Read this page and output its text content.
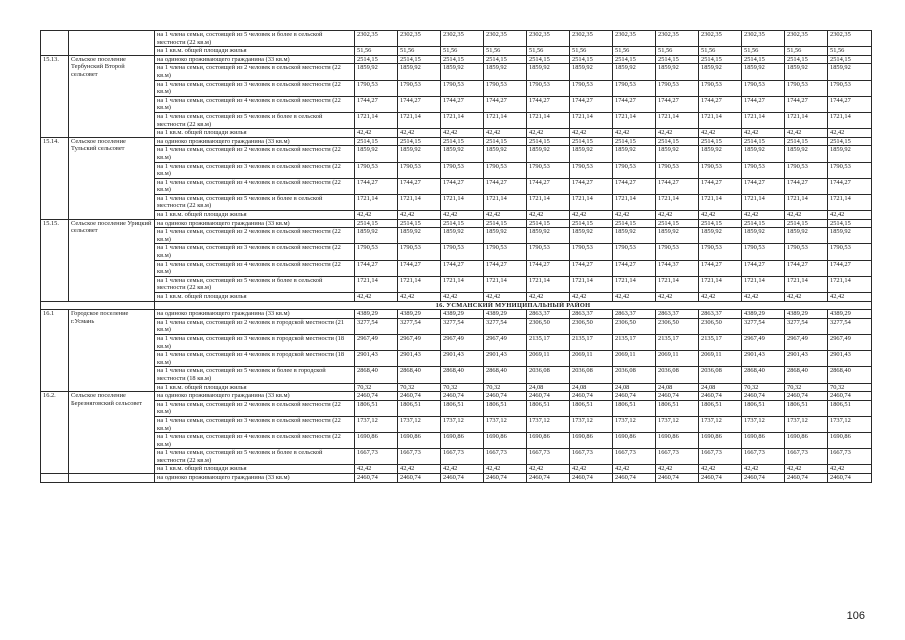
		на 1 члена семьи, состоящей из 5 человек и более в сельской местности (22 кв.м)	2302,35	2302,35	2302,35	2302,35	2302,35	2302,35	2302,35	2302,35	2302,35	2302,35	2302,35	2302,35
		на 1 кв.м. общей площади жилья	51,56	51,56	51,56	51,56	51,56	51,56	51,56	51,56	51,56	51,56	51,56	51,56
15.13.	Сельское поселение Тербунский Второй сельсовет	на одиноко проживающего гражданина (33 кв.м)	2514,15	2514,15	2514,15	2514,15	2514,15	2514,15	2514,15	2514,15	2514,15	2514,15	2514,15	2514,15
		на 1 члена семьи, состоящей из 2 человек в сельской местности (22 кв.м)	1859,92	1859,92	1859,92	1859,92	1859,92	1859,92	1859,92	1859,92	1859,92	1859,92	1859,92	1859,92
		на 1 члена семьи, состоящей из 3 человек в сельской местности (22 кв.м)	1790,53	1790,53	1790,53	1790,53	1790,53	1790,53	1790,53	1790,53	1790,53	1790,53	1790,53	1790,53
		на 1 члена семьи, состоящей из 4 человек в сельской местности (22 кв.м)	1744,27	1744,27	1744,27	1744,27	1744,27	1744,27	1744,27	1744,27	1744,27	1744,27	1744,27	1744,27
		на 1 члена семьи, состоящей из 5 человек и более в сельской местности (22 кв.м)	1721,14	1721,14	1721,14	1721,14	1721,14	1721,14	1721,14	1721,14	1721,14	1721,14	1721,14	1721,14
		на 1 кв.м. общей площади жилья	42,42	42,42	42,42	42,42	42,42	42,42	42,42	42,42	42,42	42,42	42,42	42,42
15.14.	Сельское поселение Тульский сельсовет	на одиноко проживающего гражданина (33 кв.м)	2514,15	2514,15	2514,15	2514,15	2514,15	2514,15	2514,15	2514,15	2514,15	2514,15	2514,15	2514,15
		на 1 члена семьи, состоящей из 2 человек в сельской местности (22 кв.м)	1859,92	1859,92	1859,92	1859,92	1859,92	1859,92	1859,92	1859,92	1859,92	1859,92	1859,92	1859,92
		на 1 члена семьи, состоящей из 3 человек в сельской местности (22 кв.м)	1790,53	1790,53	1790,53	1790,53	1790,53	1790,53	1790,53	1790,53	1790,53	1790,53	1790,53	1790,53
		на 1 члена семьи, состоящей из 4 человек в сельской местности (22 кв.м)	1744,27	1744,27	1744,27	1744,27	1744,27	1744,27	1744,27	1744,27	1744,27	1744,27	1744,27	1744,27
		на 1 члена семьи, состоящей из 5 человек и более в сельской местности (22 кв.м)	1721,14	1721,14	1721,14	1721,14	1721,14	1721,14	1721,14	1721,14	1721,14	1721,14	1721,14	1721,14
		на 1 кв.м. общей площади жилья	42,42	42,42	42,42	42,42	42,42	42,42	42,42	42,42	42,42	42,42	42,42	42,42
15.15.	Сельское поселение Урицкий сельсовет	на одиноко проживающего гражданина (33 кв.м)	2514,15	2514,15	2514,15	2514,15	2514,15	2514,15	2514,15	2514,15	2514,15	2514,15	2514,15	2514,15
		на 1 члена семьи, состоящей из 2 человек в сельской местности (22 кв.м)	1859,92	1859,92	1859,92	1859,92	1859,92	1859,92	1859,92	1859,92	1859,92	1859,92	1859,92	1859,92
		на 1 члена семьи, состоящей из 3 человек в сельской местности (22 кв.м)	1790,53	1790,53	1790,53	1790,53	1790,53	1790,53	1790,53	1790,53	1790,53	1790,53	1790,53	1790,53
		на 1 члена семьи, состоящей из 4 человек в сельской местности (22 кв.м)	1744,27	1744,27	1744,27	1744,27	1744,27	1744,27	1744,27	1744,37	1744,27	1744,27	1744,27	1744,27
		на 1 члена семьи, состоящей из 5 человек и более в сельской местности (22 кв.м)	1721,14	1721,14	1721,14	1721,14	1721,14	1721,14	1721,14	1721,14	1721,14	1721,14	1721,14	1721,14
		на 1 кв.м. общей площади жилья	42,42	42,42	42,42	42,42	42,42	42,42	42,42	42,42	42,42	42,42	42,42	42,42
		16. УСМАНСКИЙ МУНИЦИПАЛЬНЫЙ РАЙОН												
16.1	Городское поселение г.Усмань	на одиноко проживающего гражданина (33 кв.м)	4389,29	4389,29	4389,29	4389,29	2863,37	2863,37	2863,37	2863,37	2863,37	4389,29	4389,29	4389,29
		на 1 члена семьи, состоящей из 2 человек в городской местности (21 кв.м)	3277,54	3277,54	3277,54	3277,54	2306,50	2306,50	2306,50	2306,50	2306,50	3277,54	3277,54	3277,54
		на 1 члена семьи, состоящей из 3 человек в городской местности (18 кв.м)	2967,49	2967,49	2967,49	2967,49	2135,17	2135,17	2135,17	2135,17	2135,17	2967,49	2967,49	2967,49
		на 1 члена семьи, состоящей из 4 человек в городской местности (18 кв.м)	2901,43	2901,43	2901,43	2901,43	2069,11	2069,11	2069,11	2069,11	2069,11	2901,43	2901,43	2901,43
		на 1 члена семьи, состоящей из 5 человек и более в городской местности (18 кв.м)	2868,40	2868,40	2868,40	2868,40	2036,08	2036,08	2036,08	2036,08	2036,08	2868,40	2868,40	2868,40
		на 1 кв.м. общей площади жилья	70,32	70,32	70,32	70,32	24,08	24,08	24,08	24,08	24,08	70,32	70,32	70,32
16.2.	Сельское поселение Березняговский сельсовет	на одиноко проживающего гражданина (33 кв.м)	2460,74	2460,74	2460,74	2460,74	2460,74	2460,74	2460,74	2460,74	2460,74	2460,74	2460,74	2460,74
		на 1 члена семьи, состоящей из 2 человек в сельской местности (22 кв.м)	1806,51	1806,51	1806,51	1806,51	1806,51	1806,51	1806,51	1806,51	1806,51	1806,51	1806,51	1806,51
		на 1 члена семьи, состоящей из 3 человек в сельской местности (22 кв.м)	1737,12	1737,12	1737,12	1737,12	1737,12	1737,12	1737,12	1737,12	1737,12	1737,12	1737,12	1737,12
		на 1 члена семьи, состоящей из 4 человек в сельской местности (22 кв.м)	1690,86	1690,86	1690,86	1690,86	1690,86	1690,86	1690,86	1690,86	1690,86	1690,86	1690,86	1690,86
		на 1 члена семьи, состоящей из 5 человек и более в сельской местности (22 кв.м)	1667,73	1667,73	1667,73	1667,73	1667,73	1667,73	1667,73	1667,73	1667,73	1667,73	1667,73	1667,73
		на 1 кв.м. общей площади жилья	42,42	42,42	42,42	42,42	42,42	42,42	42,42	42,42	42,42	42,42	42,42	42,42
		на одиноко проживающего гражданина (33 кв.м)	2460,74	2460,74	2460,74	2460,74	2460,74	2460,74	2460,74	2460,74	2460,74	2460,74	2460,74	2460,74
106
